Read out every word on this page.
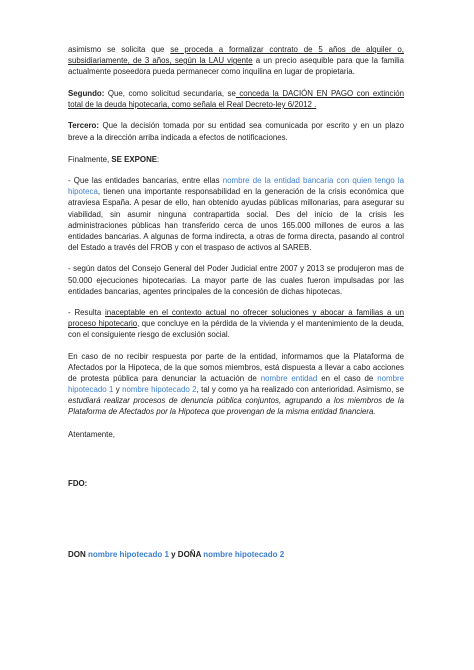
asimismo se solicita que se proceda a formalizar contrato de 5 años de alquiler o, subsidiariamente, de 3 años, según la LAU vigente a un precio asequible para que la familia actualmente poseedora pueda permanecer como inquilina en lugar de propietaria.

Segundo: Que, como solicitud secundaria, se conceda la DACIÓN EN PAGO con extinción total de la deuda hipotecaria, como señala el Real Decreto-ley 6/2012 .

Tercero: Que la decisión tomada por su entidad sea comunicada por escrito y en un plazo breve a la dirección arriba indicada a efectos de notificaciones.

Finalmente, SE EXPONE:

- Que las entidades bancarias, entre ellas nombre de la entidad bancaria con quien tengo la hipoteca, tienen una importante responsabilidad en la generación de la crisis económica que atraviesa España. A pesar de ello, han obtenido ayudas públicas millonarias, para asegurar su viabilidad, sin asumir ninguna contrapartida social. Des del inicio de la crisis les administraciones públicas han transferido cerca de unos 165.000 millones de euros a las entidades bancarias. A algunas de forma indirecta, a otras de forma directa, pasando al control del Estado a través del FROB y con el traspaso de activos al SAREB.

- según datos del Consejo General del Poder Judicial entre 2007 y 2013 se produjeron mas de 50.000 ejecuciones hipotecarias. La mayor parte de las cuales fueron impulsadas por las entidades bancarias, agentes principales de la concesión de dichas hipotecas.

- Resulta inaceptable en el contexto actual no ofrecer soluciones y abocar a familias a un proceso hipotecario, que concluye en la pérdida de la vivienda y el mantenimiento de la deuda, con el consiguiente riesgo de exclusión social.

En caso de no recibir respuesta por parte de la entidad, informamos que la Plataforma de Afectados por la Hipoteca, de la que somos miembros, está dispuesta a llevar a cabo acciones de protesta pública para denunciar la actuación de nombre entidad en el caso de nombre hipotecado 1 y nombre hipotecado 2, tal y como ya ha realizado con anterioridad. Asimismo, se estudiará realizar procesos de denuncia pública conjuntos, agrupando a los miembros de la Plataforma de Afectados por la Hipoteca que provengan de la misma entidad financiera.

Atentamente,

FDO:

DON nombre hipotecado 1 y DOÑA nombre hipotecado 2
